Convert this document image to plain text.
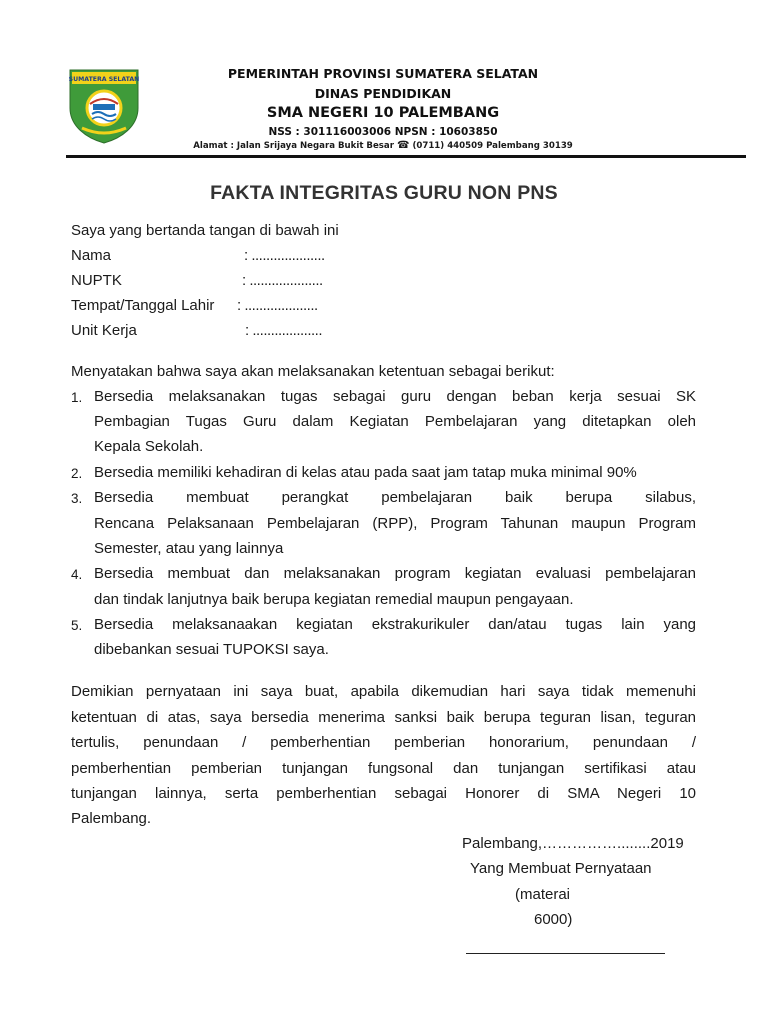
SUMATERA SELATAN	PEMERINTAH PROVINSI SUMATERA SELATAN
DINAS PENDIDIKAN
SMA NEGERI 10 PALEMBANG
NSS : 301116003006 NPSN : 10603850
Alamat : Jalan Srijaya Negara Bukit Besar ☎ (0711) 440509 Palembang 30139
FAKTA INTEGRITAS GURU NON PNS
Saya yang bertanda tangan di bawah ini
Nama	: ....................
NUPTK	: ....................
Tempat/Tanggal Lahir : ....................
Unit Kerja	: ...................
Menyatakan bahwa saya akan melaksanakan ketentuan sebagai berikut:
1. Bersedia melaksanakan tugas sebagai guru dengan beban kerja sesuai SK
Pembagian Tugas Guru dalam Kegiatan Pembelajaran yang ditetapkan oleh
Kepala Sekolah.
2. Bersedia memiliki kehadiran di kelas atau pada saat jam tatap muka minimal 90%
3. Bersedia membuat perangkat pembelajaran baik berupa silabus,
Rencana Pelaksanaan Pembelajaran (RPP), Program Tahunan maupun Program
Semester, atau yang lainnya
4. Bersedia membuat dan melaksanakan program kegiatan evaluasi pembelajaran
dan tindak lanjutnya baik berupa kegiatan remedial maupun pengayaan.
5. Bersedia melaksanaakan kegiatan ekstrakurikuler dan/atau tugas lain yang
dibebankan sesuai TUPOKSI saya.
Demikian pernyataan ini saya buat, apabila dikemudian hari saya tidak memenuhi
ketentuan di atas, saya bersedia menerima sanksi baik berupa teguran lisan, teguran
tertulis, penundaan / pemberhentian pemberian honorarium, penundaan /
pemberhentian pemberian tunjangan fungsonal dan tunjangan sertifikasi atau
tunjangan lainnya, serta pemberhentian sebagai Honorer di SMA Negeri 10
Palembang.
Palembang,……………........2019
Yang Membuat Pernyataan
(materai
6000)
